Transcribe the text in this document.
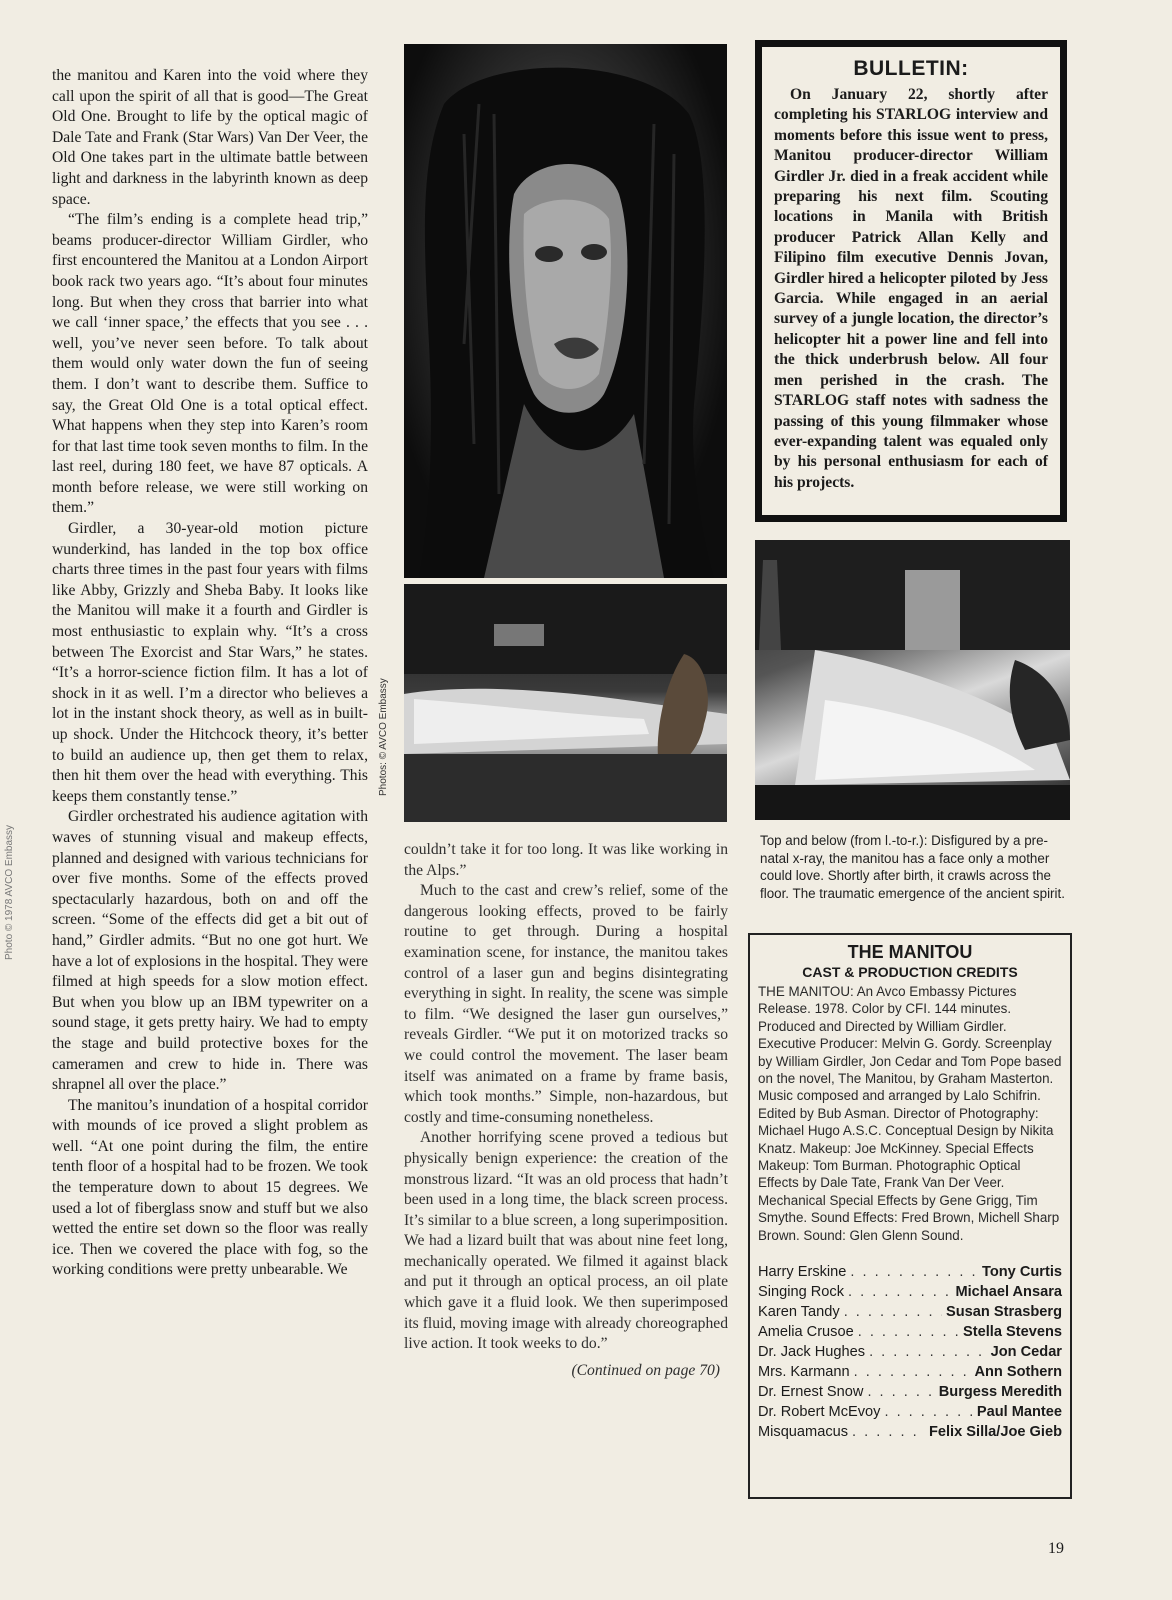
the manitou and Karen into the void where they call upon the spirit of all that is good—The Great Old One. Brought to life by the optical magic of Dale Tate and Frank (Star Wars) Van Der Veer, the Old One takes part in the ultimate battle between light and darkness in the labyrinth known as deep space.

“The film’s ending is a complete head trip,” beams producer-director William Girdler, who first encountered the Manitou at a London Airport book rack two years ago. “It’s about four minutes long. But when they cross that barrier into what we call ‘inner space,’ the effects that you see . . . well, you’ve never seen before. To talk about them would only water down the fun of seeing them. I don’t want to describe them. Suffice to say, the Great Old One is a total optical effect. What happens when they step into Karen’s room for that last time took seven months to film. In the last reel, during 180 feet, we have 87 opticals. A month before release, we were still working on them.”

Girdler, a 30-year-old motion picture wunderkind, has landed in the top box office charts three times in the past four years with films like Abby, Grizzly and Sheba Baby. It looks like the Manitou will make it a fourth and Girdler is most enthusiastic to explain why. “It’s a cross between The Exorcist and Star Wars,” he states. “It’s a horror-science fiction film. It has a lot of shock in it as well. I’m a director who believes a lot in the instant shock theory, as well as in built-up shock. Under the Hitchcock theory, it’s better to build an audience up, then get them to relax, then hit them over the head with everything. This keeps them constantly tense.”

Girdler orchestrated his audience agitation with waves of stunning visual and makeup effects, planned and designed with various technicians for over five months. Some of the effects proved spectacularly hazardous, both on and off the screen. “Some of the effects did get a bit out of hand,” Girdler admits. “But no one got hurt. We have a lot of explosions in the hospital. They were filmed at high speeds for a slow motion effect. But when you blow up an IBM typewriter on a sound stage, it gets pretty hairy. We had to empty the stage and build protective boxes for the cameramen and crew to hide in. There was shrapnel all over the place.”

The manitou’s inundation of a hospital corridor with mounds of ice proved a slight problem as well. “At one point during the film, the entire tenth floor of a hospital had to be frozen. We took the temperature down to about 15 degrees. We used a lot of fiberglass snow and stuff but we also wetted the entire set down so the floor was really ice. Then we covered the place with fog, so the working conditions were pretty unbearable. We

Photos: © AVCO Embassy
Photo © 1978 AVCO Embassy
BULLETIN:

On January 22, shortly after completing his STARLOG interview and moments before this issue went to press, Manitou producer-director William Girdler Jr. died in a freak accident while preparing his next film. Scouting locations in Manila with British producer Patrick Allan Kelly and Filipino film executive Dennis Jovan, Girdler hired a helicopter piloted by Jess Garcia. While engaged in an aerial survey of a jungle location, the director’s helicopter hit a power line and fell into the thick underbrush below. All four men perished in the crash. The STARLOG staff notes with sadness the passing of this young filmmaker whose ever-expanding talent was equaled only by his personal enthusiasm for each of his projects.

couldn’t take it for too long. It was like working in the Alps.”

Much to the cast and crew’s relief, some of the dangerous looking effects, proved to be fairly routine to get through. During a hospital examination scene, for instance, the manitou takes control of a laser gun and begins disintegrating everything in sight. In reality, the scene was simple to film. “We designed the laser gun ourselves,” reveals Girdler. “We put it on motorized tracks so we could control the movement. The laser beam itself was animated on a frame by frame basis, which took months.” Simple, non-hazardous, but costly and time-consuming nonetheless.

Another horrifying scene proved a tedious but physically benign experience: the creation of the monstrous lizard. “It was an old process that hadn’t been used in a long time, the black screen process. It’s similar to a blue screen, a long superimposition. We had a lizard built that was about nine feet long, mechanically operated. We filmed it against black and put it through an optical process, an oil plate which gave it a fluid look. We then superimposed its fluid, moving image with already choreographed live action. It took weeks to do.”

(Continued on page 70)

Top and below (from l.-to-r.): Disfigured by a pre-natal x-ray, the manitou has a face only a mother could love. Shortly after birth, it crawls across the floor. The traumatic emergence of the ancient spirit.
THE MANITOU
CAST & PRODUCTION CREDITS

THE MANITOU: An Avco Embassy Pictures Release. 1978. Color by CFI. 144 minutes. Produced and Directed by William Girdler. Executive Producer: Melvin G. Gordy. Screenplay by William Girdler, Jon Cedar and Tom Pope based on the novel, The Manitou, by Graham Masterton. Music composed and arranged by Lalo Schifrin. Edited by Bub Asman. Director of Photography: Michael Hugo A.S.C. Conceptual Design by Nikita Knatz. Makeup: Joe McKinney. Special Effects Makeup: Tom Burman. Photographic Optical Effects by Dale Tate, Frank Van Der Veer. Mechanical Special Effects by Gene Grigg, Tim Smythe. Sound Effects: Fred Brown, Michell Sharp Brown. Sound: Glen Glenn Sound.

Harry Erskine . . .	Tony Curtis
Singing Rock . . .	Michael Ansara
Karen Tandy . . .	Susan Strasberg
Amelia Crusoe . . .	Stella Stevens
Dr. Jack Hughes . . .	Jon Cedar
Mrs. Karmann . . .	Ann Sothern
Dr. Ernest Snow . . .	Burgess Meredith
Dr. Robert McEvoy . . .	Paul Mantee
Misquamacus . . .	Felix Silla/Joe Gieb
19
